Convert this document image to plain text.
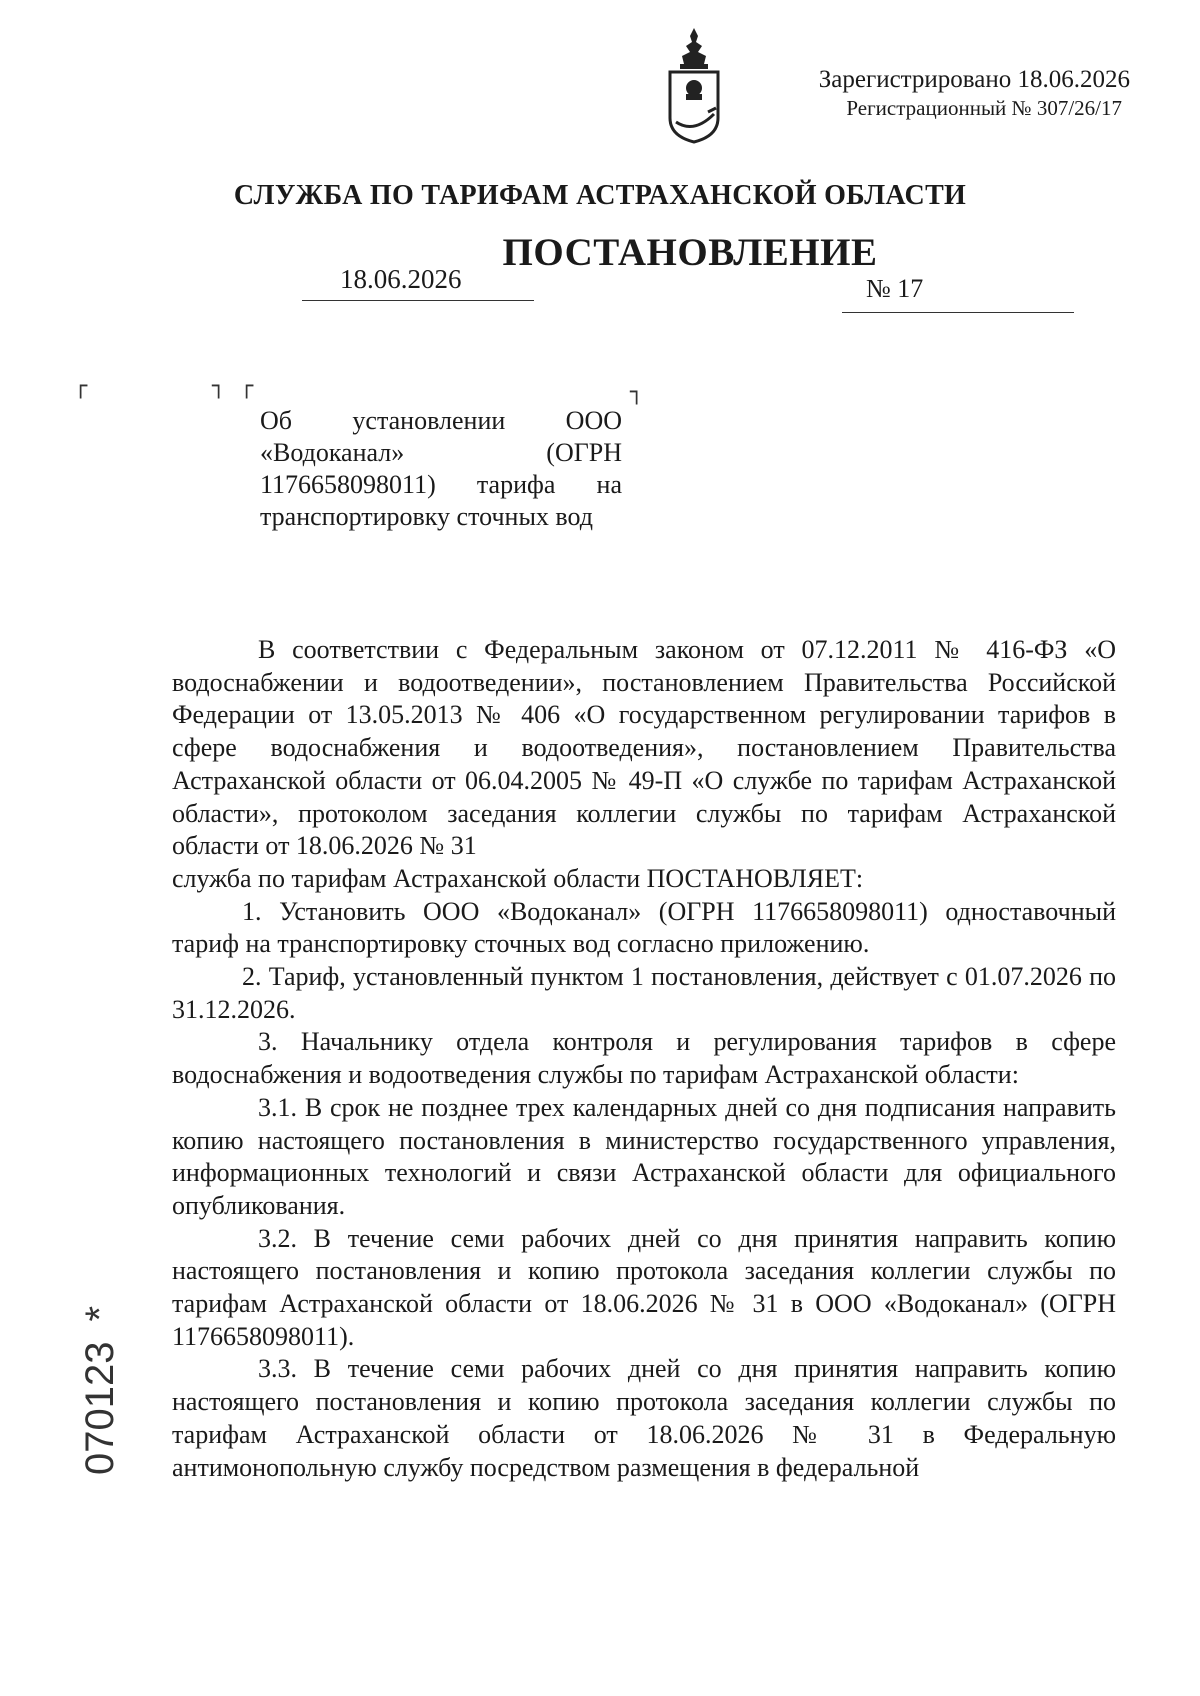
Зарегистрировано 18.06.2026
Регистрационный № 307/26/17
СЛУЖБА ПО ТАРИФАМ АСТРАХАНСКОЙ ОБЛАСТИ
ПОСТАНОВЛЕНИЕ
18.06.2026	№ 17
┌	┐ ┌	┐
Об установлении ООО «Водоканал» (ОГРН 1176658098011) тарифа на транспортировку сточных вод

В соответствии с Федеральным законом от 07.12.2011 № 416-ФЗ «О водоснабжении и водоотведении», постановлением Правительства Российской Федерации от 13.05.2013 № 406 «О государственном регулировании тарифов в сфере водоснабжения и водоотведения», постановлением Правительства Астраханской области от 06.04.2005 № 49-П «О службе по тарифам Астраханской области», протоколом заседания коллегии службы по тарифам Астраханской области от 18.06.2026 № 31

служба по тарифам Астраханской области ПОСТАНОВЛЯЕТ:

1. Установить ООО «Водоканал» (ОГРН 1176658098011) одноставочный тариф на транспортировку сточных вод согласно приложению.

2. Тариф, установленный пунктом 1 постановления, действует с 01.07.2026 по 31.12.2026.

3. Начальнику отдела контроля и регулирования тарифов в сфере водоснабжения и водоотведения службы по тарифам Астраханской области:

3.1. В срок не позднее трех календарных дней со дня подписания направить копию настоящего постановления в министерство государственного управления, информационных технологий и связи Астраханской области для официального опубликования.

3.2. В течение семи рабочих дней со дня принятия направить копию настоящего постановления и копию протокола заседания коллегии службы по тарифам Астраханской области от 18.06.2026 № 31 в ООО «Водоканал» (ОГРН 1176658098011).

3.3. В течение семи рабочих дней со дня принятия направить копию настоящего постановления и копию протокола заседания коллегии службы по тарифам Астраханской области от 18.06.2026 № 31 в Федеральную антимонопольную службу посредством размещения в федеральной

070123
*
